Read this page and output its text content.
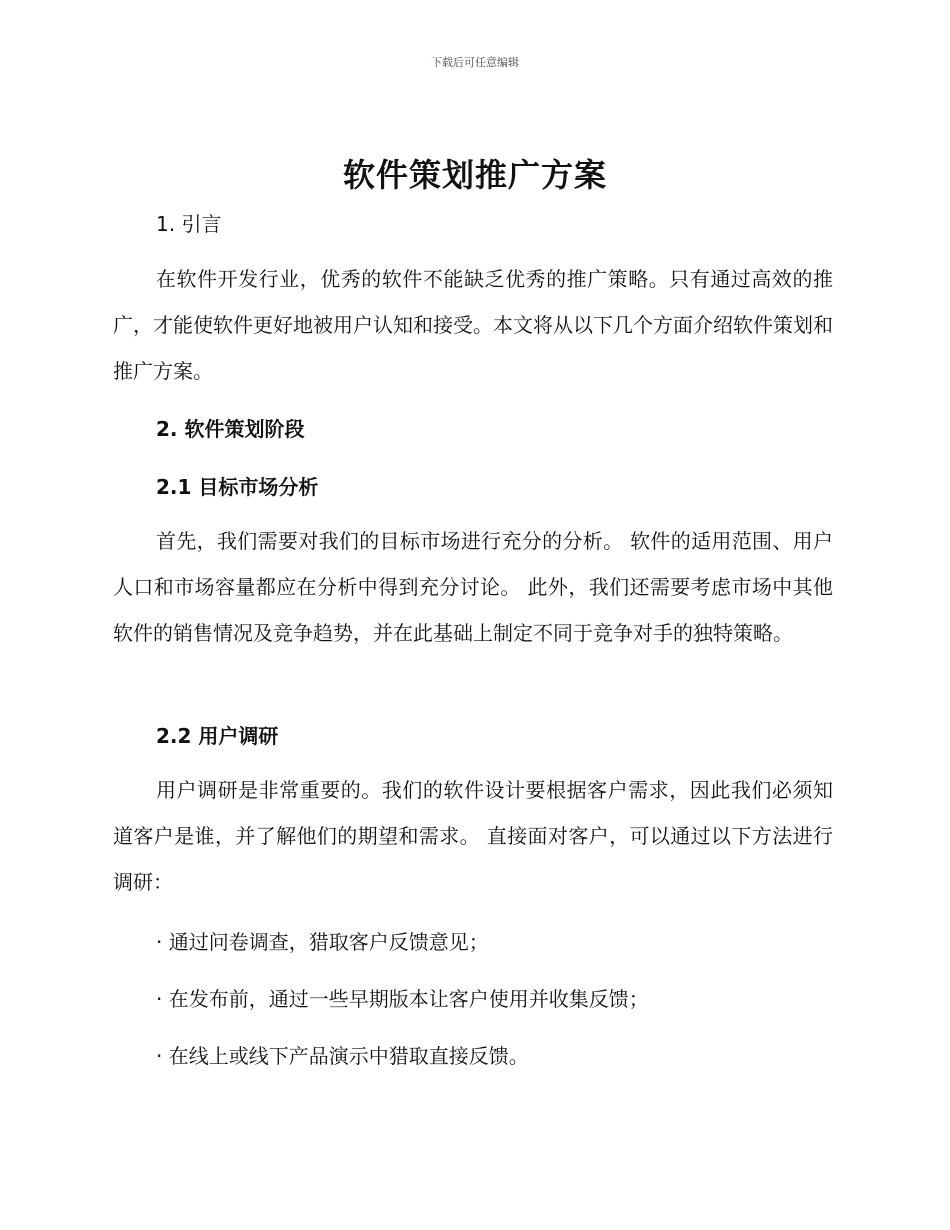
下载后可任意编辑
软件策划推广方案
1. 引言

在软件开发行业，优秀的软件不能缺乏优秀的推广策略。只有通过高效的推广，才能使软件更好地被用户认知和接受。本文将从以下几个方面介绍软件策划和推广方案。

2. 软件策划阶段
2.1 目标市场分析

首先，我们需要对我们的目标市场进行充分的分析。 软件的适用范围、用户人口和市场容量都应在分析中得到充分讨论。 此外，我们还需要考虑市场中其他软件的销售情况及竞争趋势，并在此基础上制定不同于竞争对手的独特策略。

2.2 用户调研

用户调研是非常重要的。我们的软件设计要根据客户需求，因此我们必须知道客户是谁，并了解他们的期望和需求。 直接面对客户，可以通过以下方法进行调研：

· 通过问卷调查，猎取客户反馈意见；
· 在发布前，通过一些早期版本让客户使用并收集反馈；
· 在线上或线下产品演示中猎取直接反馈。
